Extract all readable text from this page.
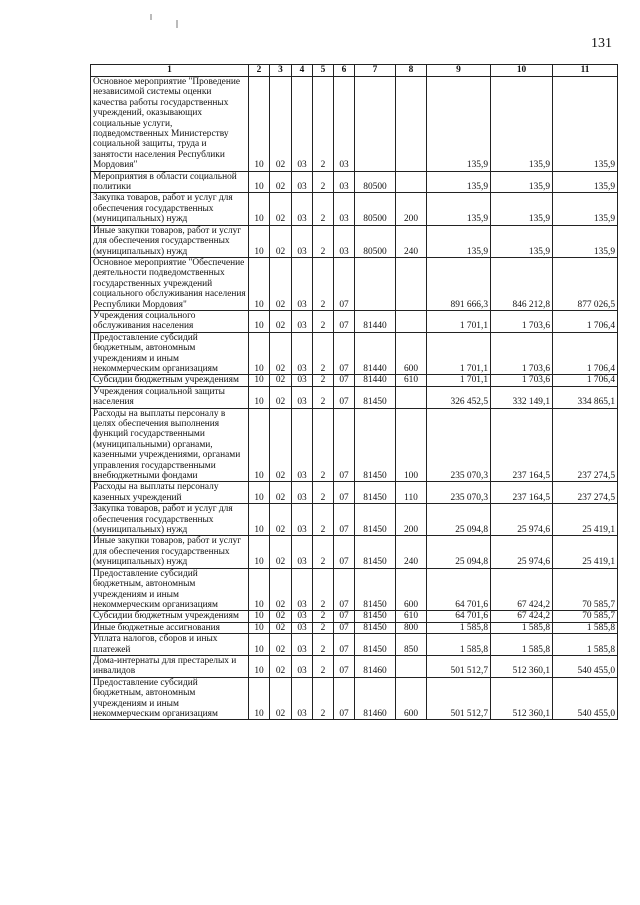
131
1	2	3	4	5	6	7	8	9	10	11
Основное мероприятие "Проведение независимой системы оценки качества работы государственных учреждений, оказывающих социальные услуги, подведомственных Министерству социальной защиты, труда и занятости населения Республики Мордовия"	10	02	03	2	03			135,9	135,9	135,9
Мероприятия в области социальной политики	10	02	03	2	03	80500		135,9	135,9	135,9
Закупка товаров, работ и услуг для обеспечения государственных (муниципальных) нужд	10	02	03	2	03	80500	200	135,9	135,9	135,9
Иные закупки товаров, работ и услуг для обеспечения государственных (муниципальных) нужд	10	02	03	2	03	80500	240	135,9	135,9	135,9
Основное мероприятие "Обеспечение деятельности подведомственных государственных учреждений социального обслуживания населения Республики Мордовия"	10	02	03	2	07			891 666,3	846 212,8	877 026,5
Учреждения социального обслуживания населения	10	02	03	2	07	81440		1 701,1	1 703,6	1 706,4
Предоставление субсидий бюджетным, автономным учреждениям и иным некоммерческим организациям	10	02	03	2	07	81440	600	1 701,1	1 703,6	1 706,4
Субсидии бюджетным учреждениям	10	02	03	2	07	81440	610	1 701,1	1 703,6	1 706,4
Учреждения социальной защиты населения	10	02	03	2	07	81450		326 452,5	332 149,1	334 865,1
Расходы на выплаты персоналу в целях обеспечения выполнения функций государственными (муниципальными) органами, казенными учреждениями, органами управления государственными внебюджетными фондами	10	02	03	2	07	81450	100	235 070,3	237 164,5	237 274,5
Расходы на выплаты персоналу казенных учреждений	10	02	03	2	07	81450	110	235 070,3	237 164,5	237 274,5
Закупка товаров, работ и услуг для обеспечения государственных (муниципальных) нужд	10	02	03	2	07	81450	200	25 094,8	25 974,6	25 419,1
Иные закупки товаров, работ и услуг для обеспечения государственных (муниципальных) нужд	10	02	03	2	07	81450	240	25 094,8	25 974,6	25 419,1
Предоставление субсидий бюджетным, автономным учреждениям и иным некоммерческим организациям	10	02	03	2	07	81450	600	64 701,6	67 424,2	70 585,7
Субсидии бюджетным учреждениям	10	02	03	2	07	81450	610	64 701,6	67 424,2	70 585,7
Иные бюджетные ассигнования	10	02	03	2	07	81450	800	1 585,8	1 585,8	1 585,8
Уплата налогов, сборов и иных платежей	10	02	03	2	07	81450	850	1 585,8	1 585,8	1 585,8
Дома-интернаты для престарелых и инвалидов	10	02	03	2	07	81460		501 512,7	512 360,1	540 455,0
Предоставление субсидий бюджетным, автономным учреждениям и иным некоммерческим организациям	10	02	03	2	07	81460	600	501 512,7	512 360,1	540 455,0
